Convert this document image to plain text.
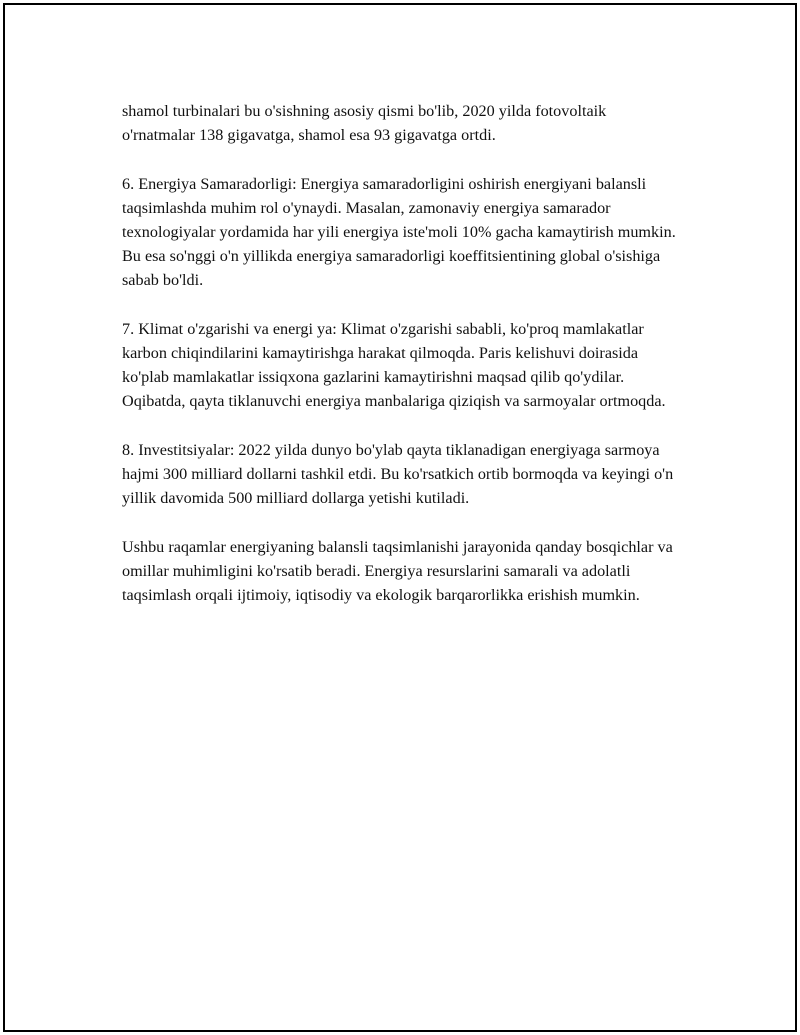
shamol turbinalari bu o'sishning asosiy qismi bo'lib, 2020 yilda fotovoltaik o'rnatmalar 138 gigavatga, shamol esa 93 gigavatga ortdi.

6. Energiya Samaradorligi: Energiya samaradorligini oshirish energiyani balansli taqsimlashda muhim rol o'ynaydi. Masalan, zamonaviy energiya samarador texnologiyalar yordamida har yili energiya iste'moli 10% gacha kamaytirish mumkin. Bu esa so'nggi o'n yillikda energiya samaradorligi koeffitsientining global o'sishiga sabab bo'ldi.

7. Klimat o'zgarishi va energi ya: Klimat o'zgarishi sababli, ko'proq mamlakatlar karbon chiqindilarini kamaytirishga harakat qilmoqda. Paris kelishuvi doirasida ko'plab mamlakatlar issiqxona gazlarini kamaytirishni maqsad qilib qo'ydilar. Oqibatda, qayta tiklanuvchi energiya manbalariga qiziqish va sarmoyalar ortmoqda.

8. Investitsiyalar: 2022 yilda dunyo bo'ylab qayta tiklanadigan energiyaga sarmoya hajmi 300 milliard dollarni tashkil etdi. Bu ko'rsatkich ortib bormoqda va keyingi o'n yillik davomida 500 milliard dollarga yetishi kutiladi.

Ushbu raqamlar energiyaning balansli taqsimlanishi jarayonida qanday bosqichlar va omillar muhimligini ko'rsatib beradi. Energiya resurslarini samarali va adolatli taqsimlash orqali ijtimoiy, iqtisodiy va ekologik barqarorlikka erishish mumkin.
